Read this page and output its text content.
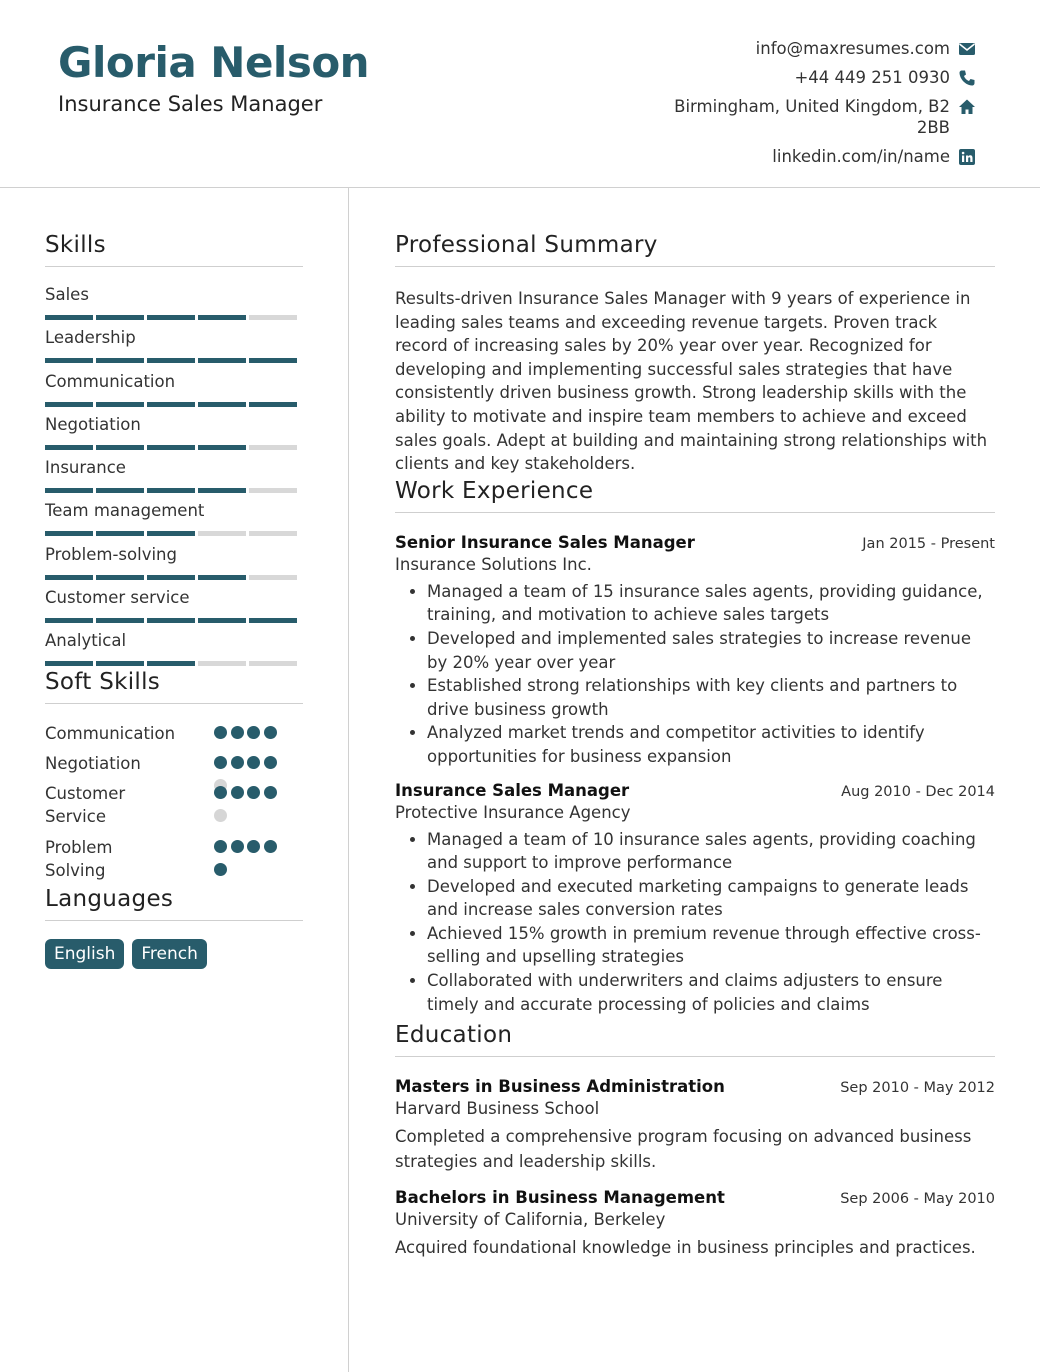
Gloria Nelson
Insurance Sales Manager
info@maxresumes.com
+44 449 251 0930
Birmingham, United Kingdom, B2 2BB
linkedin.com/in/name
Skills
Sales
Leadership
Communication
Negotiation
Insurance
Team management
Problem-solving
Customer service
Analytical
Soft Skills
Communication
Negotiation
Customer Service
Problem Solving
Languages
English	French
Professional Summary
Results-driven Insurance Sales Manager with 9 years of experience in leading sales teams and exceeding revenue targets. Proven track record of increasing sales by 20% year over year. Recognized for developing and implementing successful sales strategies that have consistently driven business growth. Strong leadership skills with the ability to motivate and inspire team members to achieve and exceed sales goals. Adept at building and maintaining strong relationships with clients and key stakeholders.
Work Experience
Senior Insurance Sales Manager	Jan 2015 - Present
Insurance Solutions Inc.
• Managed a team of 15 insurance sales agents, providing guidance, training, and motivation to achieve sales targets
• Developed and implemented sales strategies to increase revenue by 20% year over year
• Established strong relationships with key clients and partners to drive business growth
• Analyzed market trends and competitor activities to identify opportunities for business expansion
Insurance Sales Manager	Aug 2010 - Dec 2014
Protective Insurance Agency
• Managed a team of 10 insurance sales agents, providing coaching and support to improve performance
• Developed and executed marketing campaigns to generate leads and increase sales conversion rates
• Achieved 15% growth in premium revenue through effective cross-selling and upselling strategies
• Collaborated with underwriters and claims adjusters to ensure timely and accurate processing of policies and claims
Education
Masters in Business Administration	Sep 2010 - May 2012
Harvard Business School
Completed a comprehensive program focusing on advanced business strategies and leadership skills.
Bachelors in Business Management	Sep 2006 - May 2010
University of California, Berkeley
Acquired foundational knowledge in business principles and practices.
